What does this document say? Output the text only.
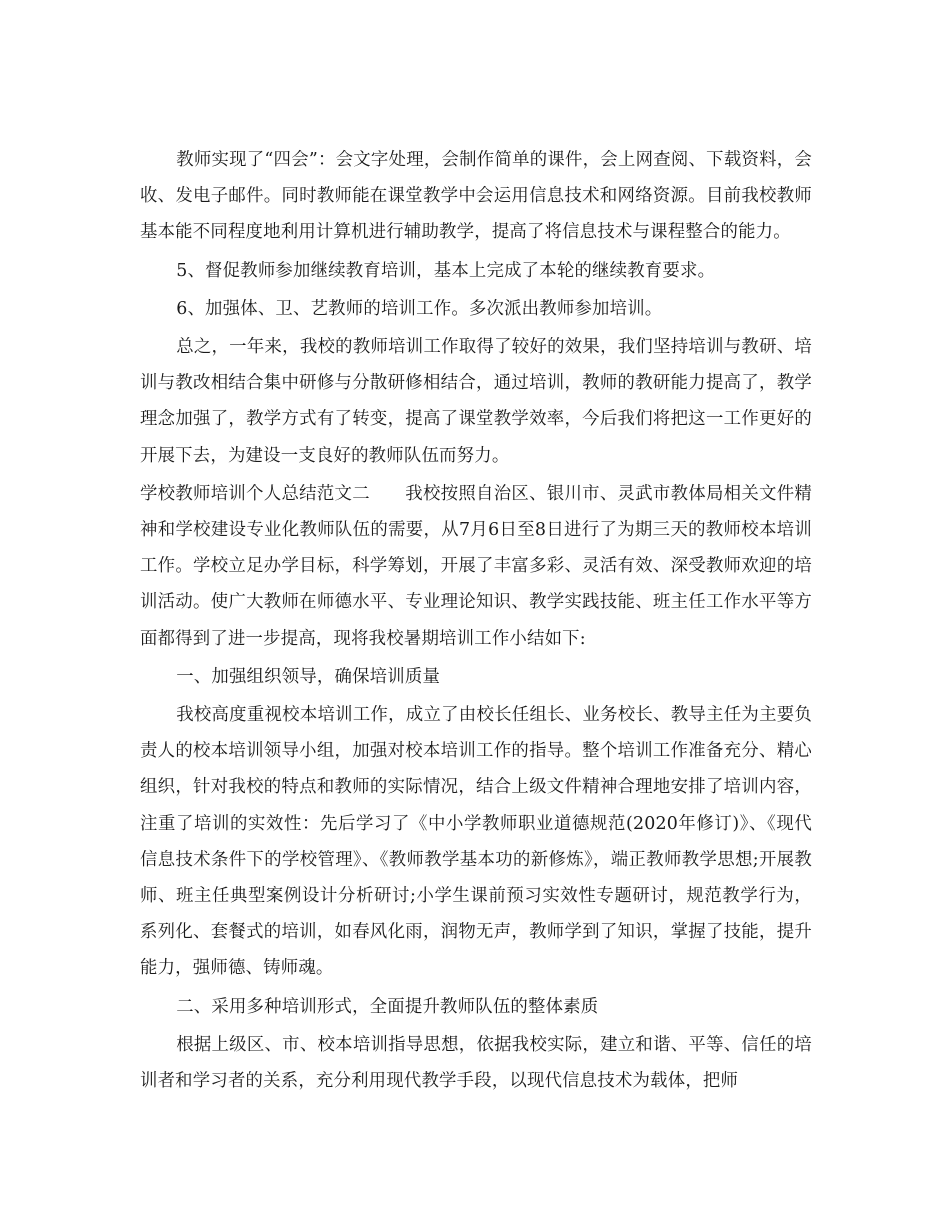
教师实现了“四会”：会文字处理，会制作简单的课件，会上网查阅、下载资料，会收、发电子邮件。同时教师能在课堂教学中会运用信息技术和网络资源。目前我校教师基本能不同程度地利用计算机进行辅助教学，提高了将信息技术与课程整合的能力。

5、督促教师参加继续教育培训，基本上完成了本轮的继续教育要求。

6、加强体、卫、艺教师的培训工作。多次派出教师参加培训。

总之，一年来，我校的教师培训工作取得了较好的效果，我们坚持培训与教研、培训与教改相结合集中研修与分散研修相结合，通过培训，教师的教研能力提高了，教学理念加强了，教学方式有了转变，提高了课堂教学效率，今后我们将把这一工作更好的开展下去，为建设一支良好的教师队伍而努力。

学校教师培训个人总结范文二　　我校按照自治区、银川市、灵武市教体局相关文件精神和学校建设专业化教师队伍的需要，从7月6日至8日进行了为期三天的教师校本培训工作。学校立足办学目标，科学筹划，开展了丰富多彩、灵活有效、深受教师欢迎的培训活动。使广大教师在师德水平、专业理论知识、教学实践技能、班主任工作水平等方面都得到了进一步提高，现将我校暑期培训工作小结如下:

一、加强组织领导，确保培训质量

我校高度重视校本培训工作，成立了由校长任组长、业务校长、教导主任为主要负责人的校本培训领导小组，加强对校本培训工作的指导。整个培训工作准备充分、精心组织，针对我校的特点和教师的实际情况，结合上级文件精神合理地安排了培训内容，注重了培训的实效性：先后学习了《中小学教师职业道德规范(2020年修订)》、《现代信息技术条件下的学校管理》、《教师教学基本功的新修炼》，端正教师教学思想;开展教师、班主任典型案例设计分析研讨;小学生课前预习实效性专题研讨，规范教学行为，系列化、套餐式的培训，如春风化雨，润物无声，教师学到了知识，掌握了技能，提升能力，强师德、铸师魂。

二、采用多种培训形式，全面提升教师队伍的整体素质

根据上级区、市、校本培训指导思想，依据我校实际，建立和谐、平等、信任的培训者和学习者的关系，充分利用现代教学手段，以现代信息技术为载体，把师
